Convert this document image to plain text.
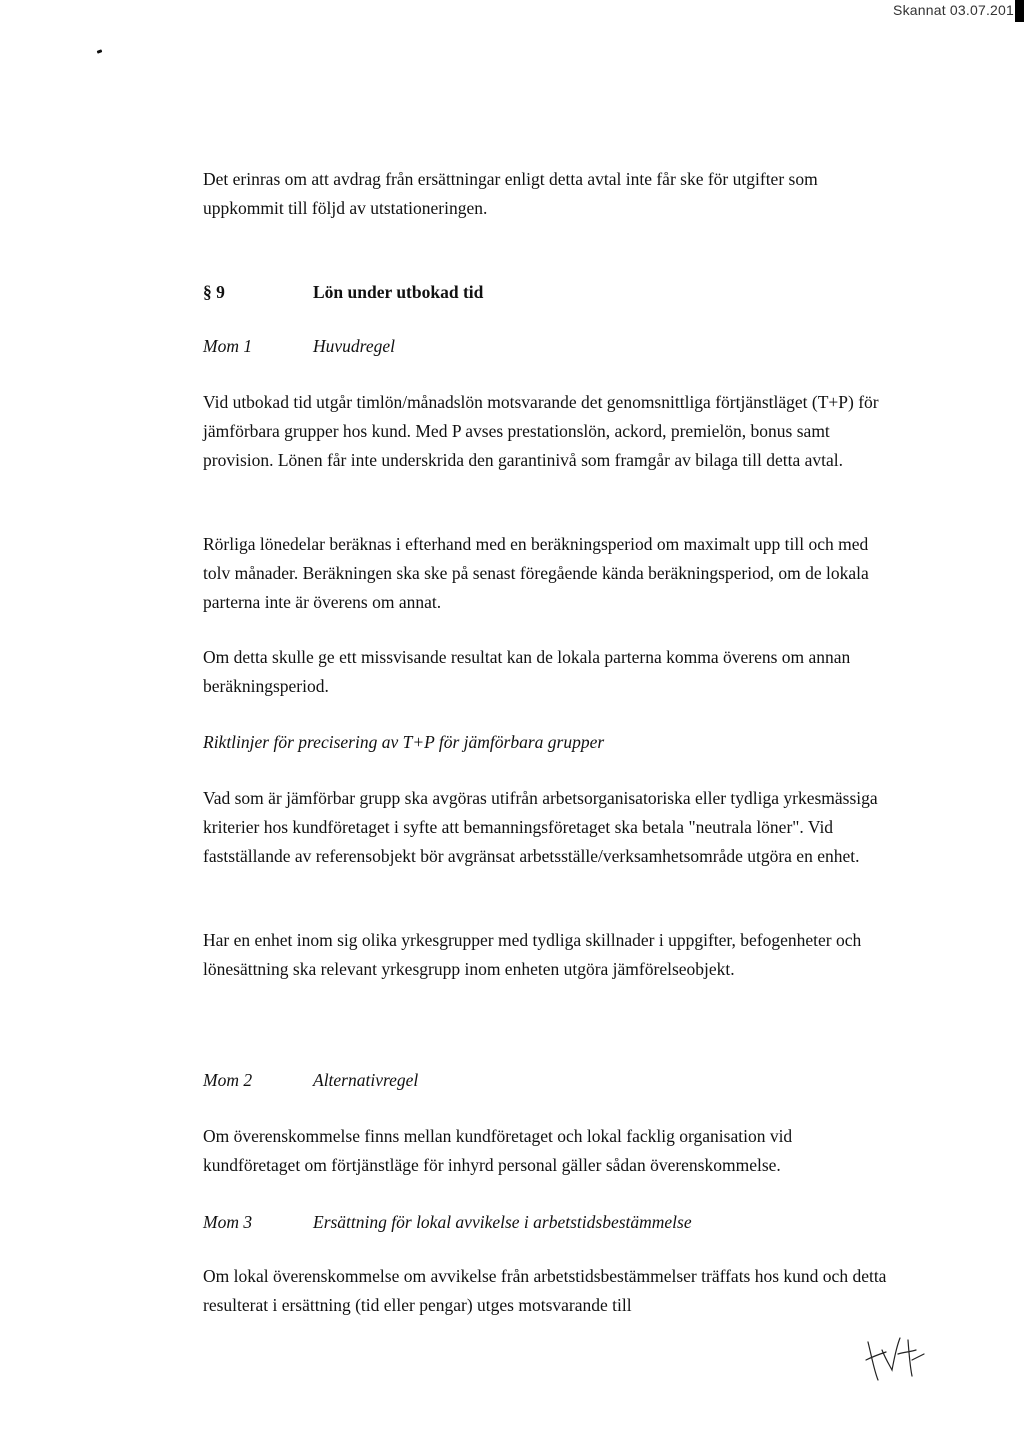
Skannat 03.07.201

Det erinras om att avdrag från ersättningar enligt detta avtal inte får ske för utgifter som uppkommit till följd av utstationeringen.

§ 9	Lön under utbokad tid
Mom 1	Huvudregel

Vid utbokad tid utgår timlön/månadslön motsvarande det genomsnittliga förtjänstläget (T+P) för jämförbara grupper hos kund. Med P avses prestationslön, ackord, premielön, bonus samt provision. Lönen får inte underskrida den garantinivå som framgår av bilaga till detta avtal.

Rörliga lönedelar beräknas i efterhand med en beräkningsperiod om maximalt upp till och med tolv månader. Beräkningen ska ske på senast föregående kända beräkningsperiod, om de lokala parterna inte är överens om annat.

Om detta skulle ge ett missvisande resultat kan de lokala parterna komma överens om annan beräkningsperiod.

Riktlinjer för precisering av T+P för jämförbara grupper

Vad som är jämförbar grupp ska avgöras utifrån arbetsorganisatoriska eller tydliga yrkesmässiga kriterier hos kundföretaget i syfte att bemanningsföretaget ska betala "neutrala löner". Vid fastställande av referensobjekt bör avgränsat arbetsställe/verksamhetsområde utgöra en enhet.

Har en enhet inom sig olika yrkesgrupper med tydliga skillnader i uppgifter, befogenheter och lönesättning ska relevant yrkesgrupp inom enheten utgöra jämförelseobjekt.

Mom 2	Alternativregel

Om överenskommelse finns mellan kundföretaget och lokal facklig organisation vid kundföretaget om förtjänstläge för inhyrd personal gäller sådan överenskommelse.

Mom 3	Ersättning för lokal avvikelse i arbetstidsbestämmelse

Om lokal överenskommelse om avvikelse från arbetstidsbestämmelser träffats hos kund och detta resulterat i ersättning (tid eller pengar) utges motsvarande till
